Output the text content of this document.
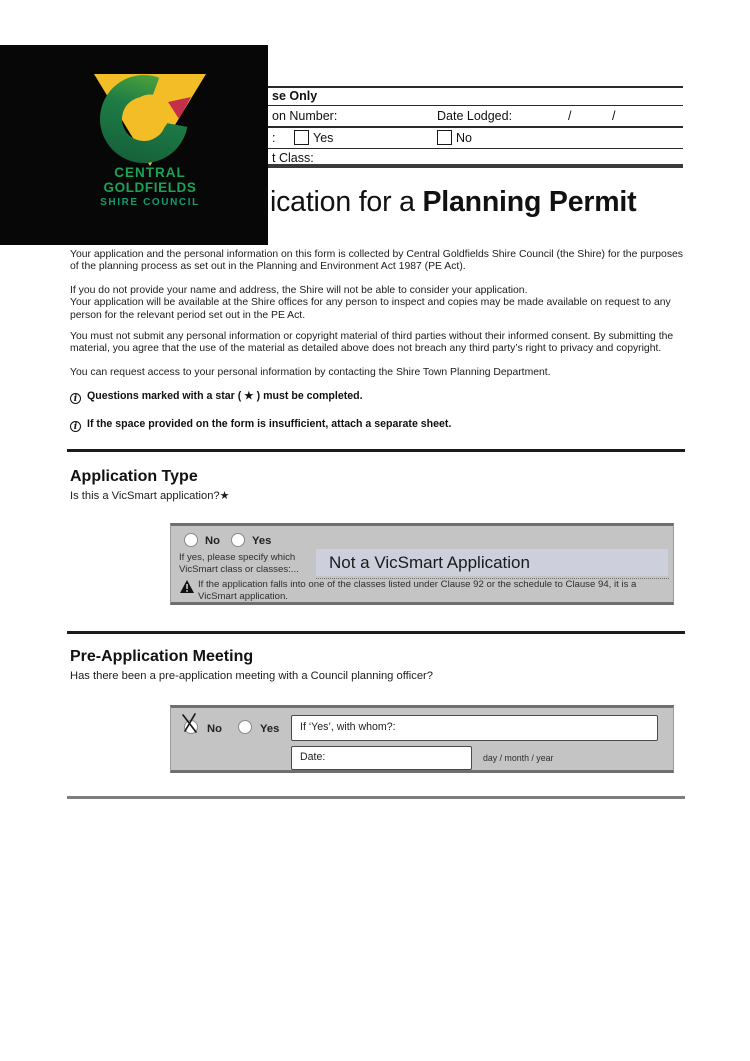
se Only
on Number:	Date Lodged:	/	/
:	Yes	No
t Class:
ication for a Planning Permit
CENTRAL
GOLDFIELDS
SHIRE COUNCIL
Your application and the personal information on this form is collected by Central Goldfields Shire Council (the Shire) for the purposes of the planning process as set out in the Planning and Environment Act 1987 (PE Act).
If you do not provide your name and address, the Shire will not be able to consider your application.
Your application will be available at the Shire offices for any person to inspect and copies may be made available on request to any person for the relevant period set out in the PE Act.
You must not submit any personal information or copyright material of third parties without their informed consent. By submitting the material, you agree that the use of the material as detailed above does not breach any third party’s right to privacy and copyright.
You can request access to your personal information by contacting the Shire Town Planning Department.
i Questions marked with a star ( ★ ) must be completed.
i If the space provided on the form is insufficient, attach a separate sheet.
Application Type
Is this a VicSmart application?★
No	Yes
If yes, please specify which
VicSmart class or classes:...	Not a VicSmart Application
If the application falls into one of the classes listed under Clause 92 or the schedule to Clause 94, it is a VicSmart application.
Pre-Application Meeting
Has there been a pre-application meeting with a Council planning officer?
No	Yes	If ‘Yes’, with whom?:
Date:	day / month / year
